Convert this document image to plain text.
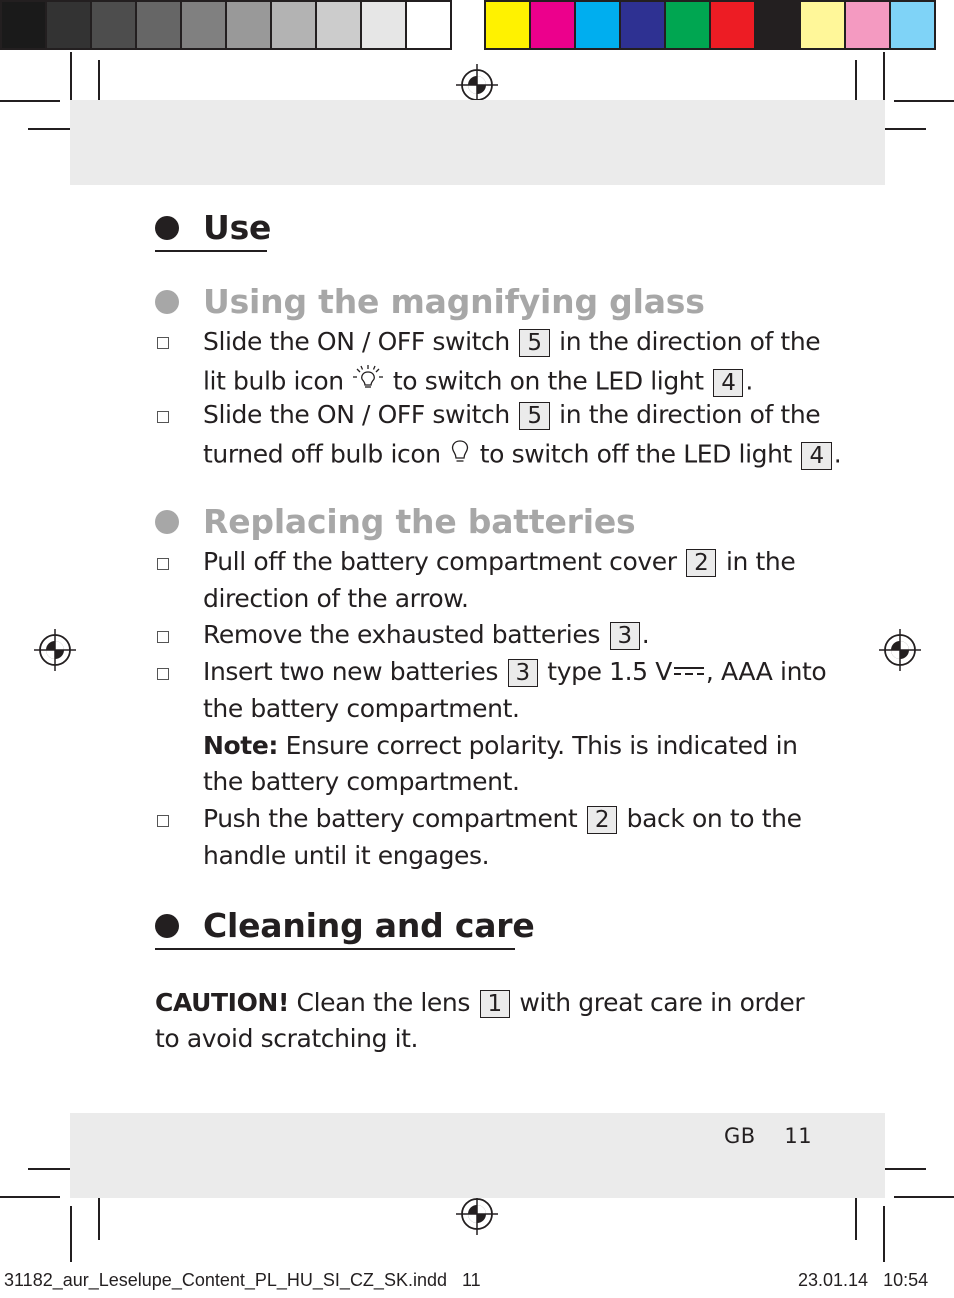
Use
Using the magnifying glass
Slide the ON / OFF switch 5 in the direction of the
lit bulb icon to switch on the LED light 4 .
Slide the ON / OFF switch 5 in the direction of the
turned off bulb icon to switch off the LED light 4 .
Replacing the batteries
Pull off the battery compartment cover 2 in the
direction of the arrow.
Remove the exhausted batteries 3 .
Insert two new batteries 3 type 1.5 V , AAA into
the battery compartment.
Note: Ensure correct polarity. This is indicated in
the battery compartment.
Push the battery compartment 2 back on to the
handle until it engages.
Cleaning and care
CAUTION! Clean the lens 1 with great care in order
to avoid scratching it.
GB 11
31182_aur_Leselupe_Content_PL_HU_SI_CZ_SK.indd   11	23.01.14   10:54
